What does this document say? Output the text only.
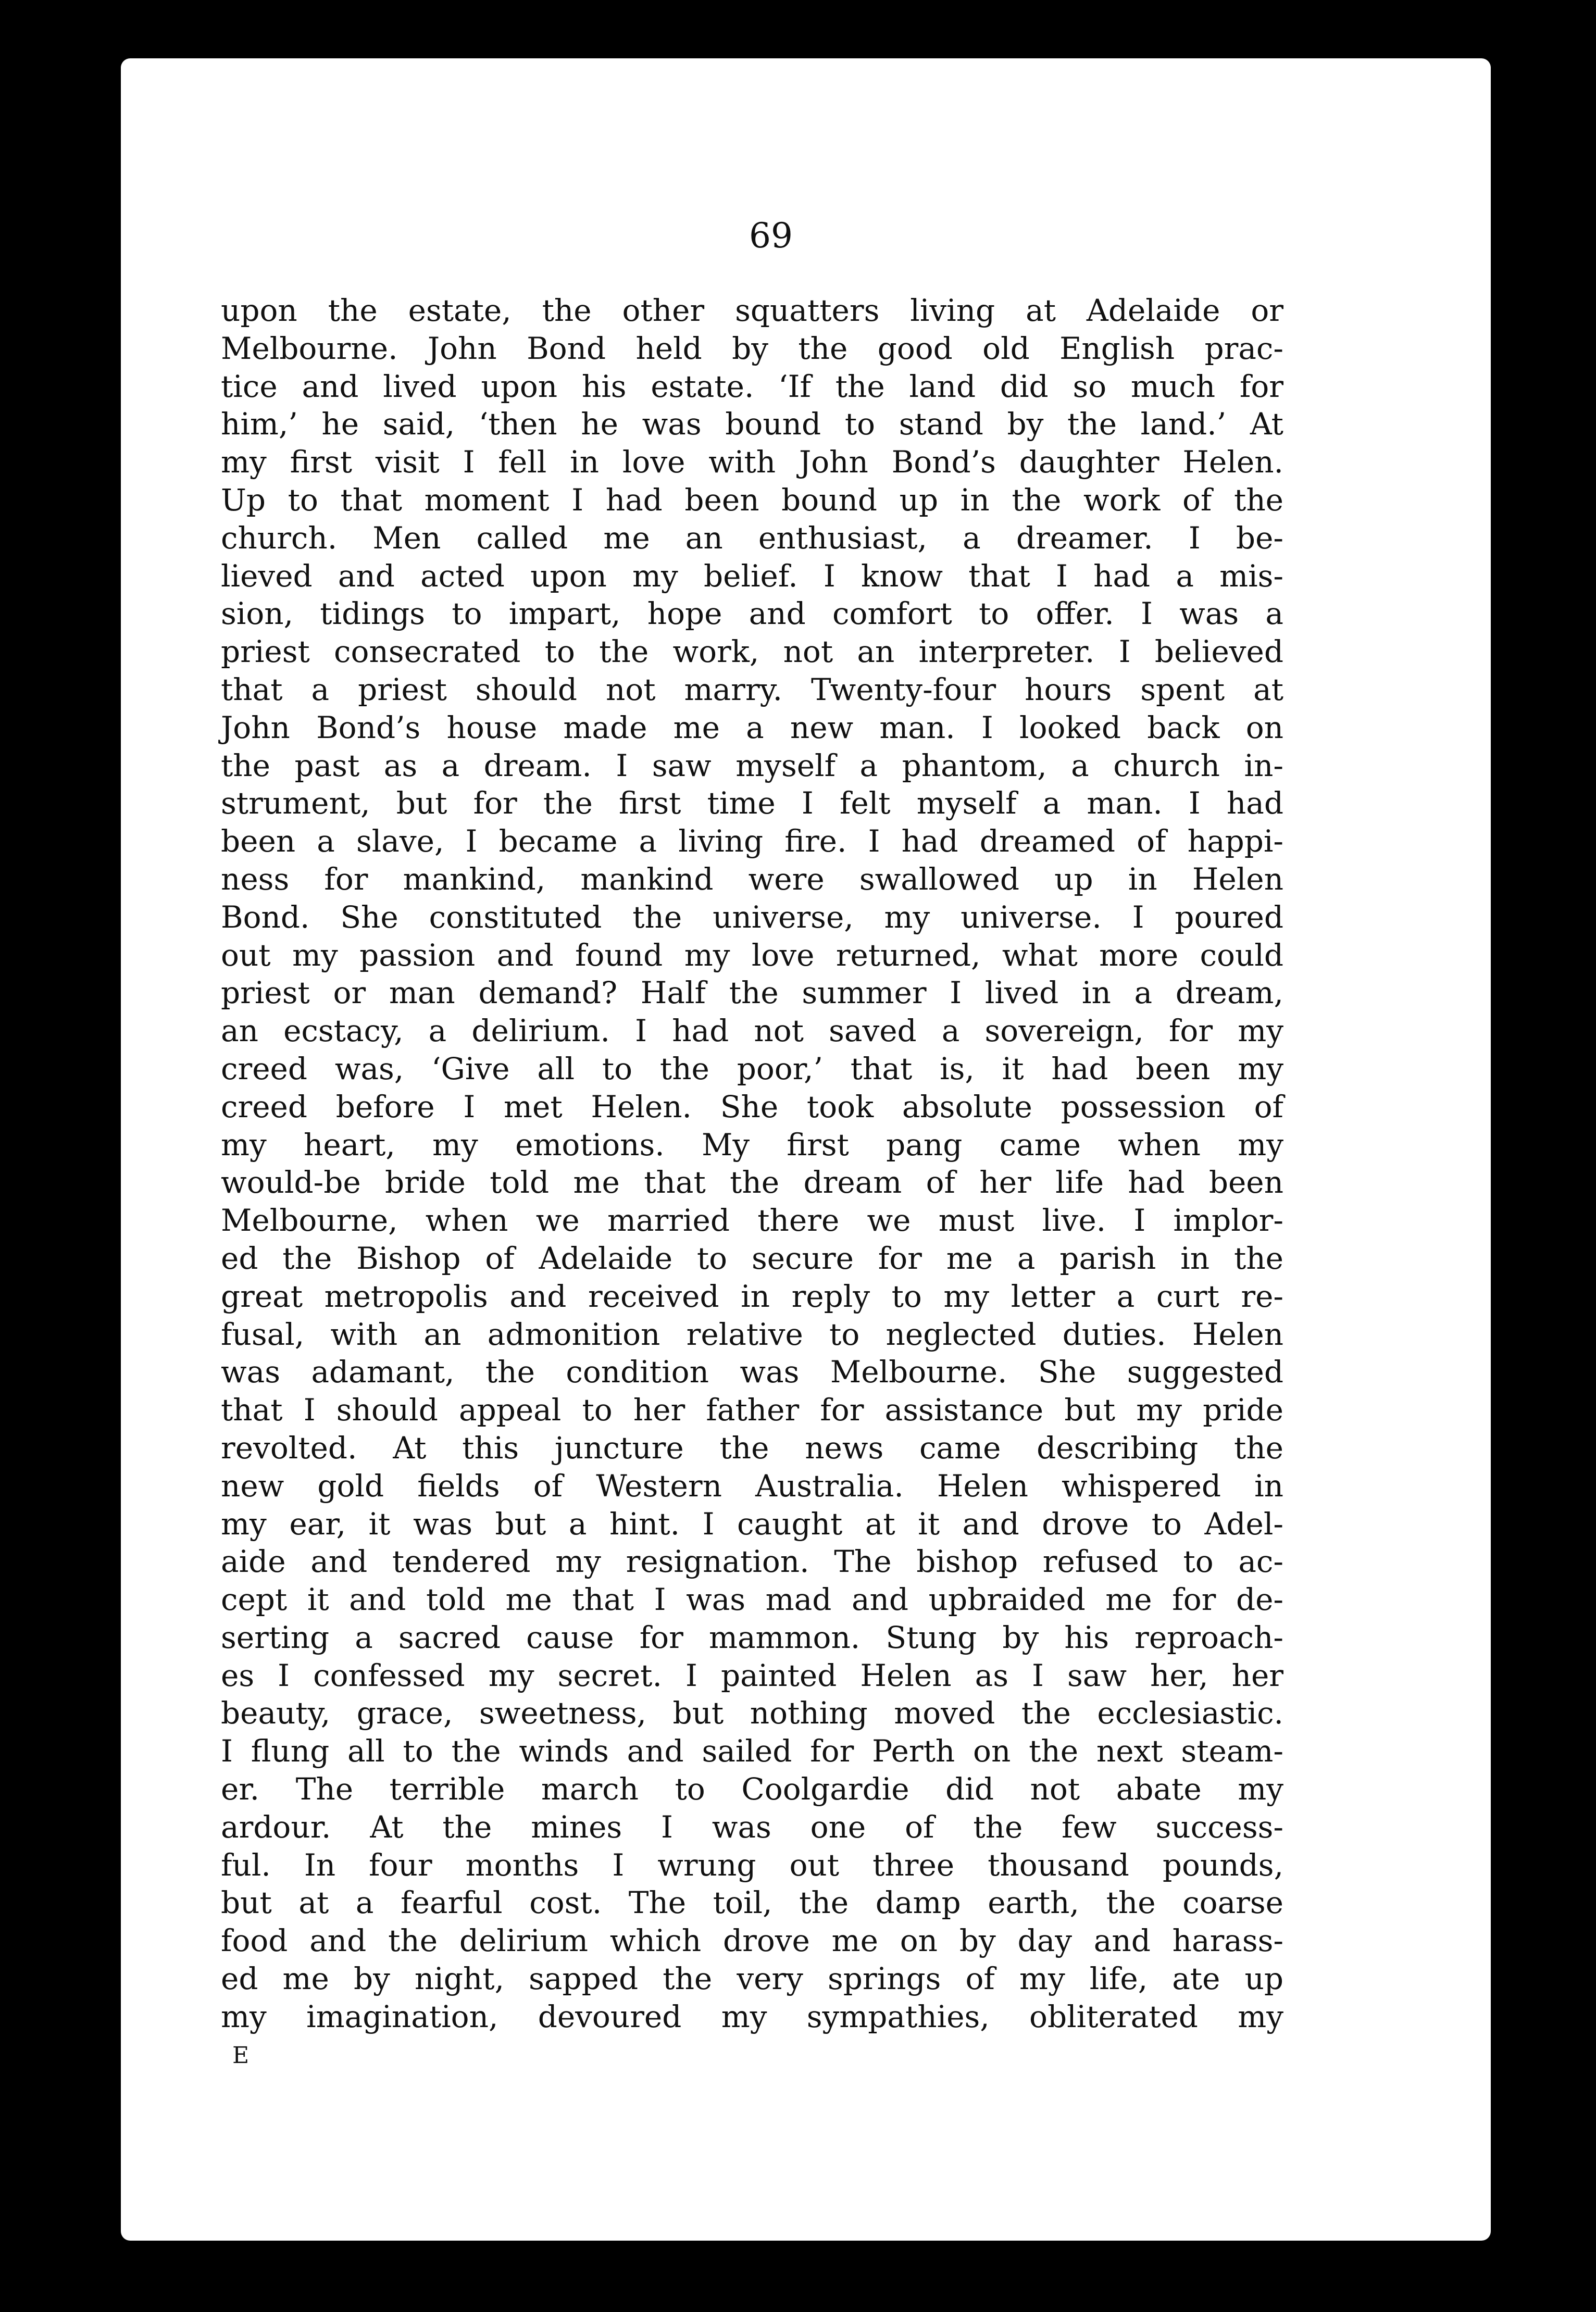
69
upon the estate, the other squatters living at Adelaide or
Melbourne. John Bond held by the good old English prac-
tice and lived upon his estate. ‘If the land did so much for
him,’ he said, ‘then he was bound to stand by the land.’ At
my first visit I fell in love with John Bond’s daughter Helen.
Up to that moment I had been bound up in the work of the
church. Men called me an enthusiast, a dreamer. I be-
lieved and acted upon my belief. I know that I had a mis-
sion, tidings to impart, hope and comfort to offer. I was a
priest consecrated to the work, not an interpreter. I believed
that a priest should not marry. Twenty-four hours spent at
John Bond’s house made me a new man. I looked back on
the past as a dream. I saw myself a phantom, a church in-
strument, but for the first time I felt myself a man. I had
been a slave, I became a living fire. I had dreamed of happi-
ness for mankind, mankind were swallowed up in Helen
Bond. She constituted the universe, my universe. I poured
out my passion and found my love returned, what more could
priest or man demand? Half the summer I lived in a dream,
an ecstacy, a delirium. I had not saved a sovereign, for my
creed was, ‘Give all to the poor,’ that is, it had been my
creed before I met Helen. She took absolute possession of
my heart, my emotions. My first pang came when my
would-be bride told me that the dream of her life had been
Melbourne, when we married there we must live. I implor-
ed the Bishop of Adelaide to secure for me a parish in the
great metropolis and received in reply to my letter a curt re-
fusal, with an admonition relative to neglected duties. Helen
was adamant, the condition was Melbourne. She suggested
that I should appeal to her father for assistance but my pride
revolted. At this juncture the news came describing the
new gold fields of Western Australia. Helen whispered in
my ear, it was but a hint. I caught at it and drove to Adel-
aide and tendered my resignation. The bishop refused to ac-
cept it and told me that I was mad and upbraided me for de-
serting a sacred cause for mammon. Stung by his reproach-
es I confessed my secret. I painted Helen as I saw her, her
beauty, grace, sweetness, but nothing moved the ecclesiastic.
I flung all to the winds and sailed for Perth on the next steam-
er. The terrible march to Coolgardie did not abate my
ardour. At the mines I was one of the few success-
ful. In four months I wrung out three thousand pounds,
but at a fearful cost. The toil, the damp earth, the coarse
food and the delirium which drove me on by day and harass-
ed me by night, sapped the very springs of my life, ate up
my imagination, devoured my sympathies, obliterated my
E
